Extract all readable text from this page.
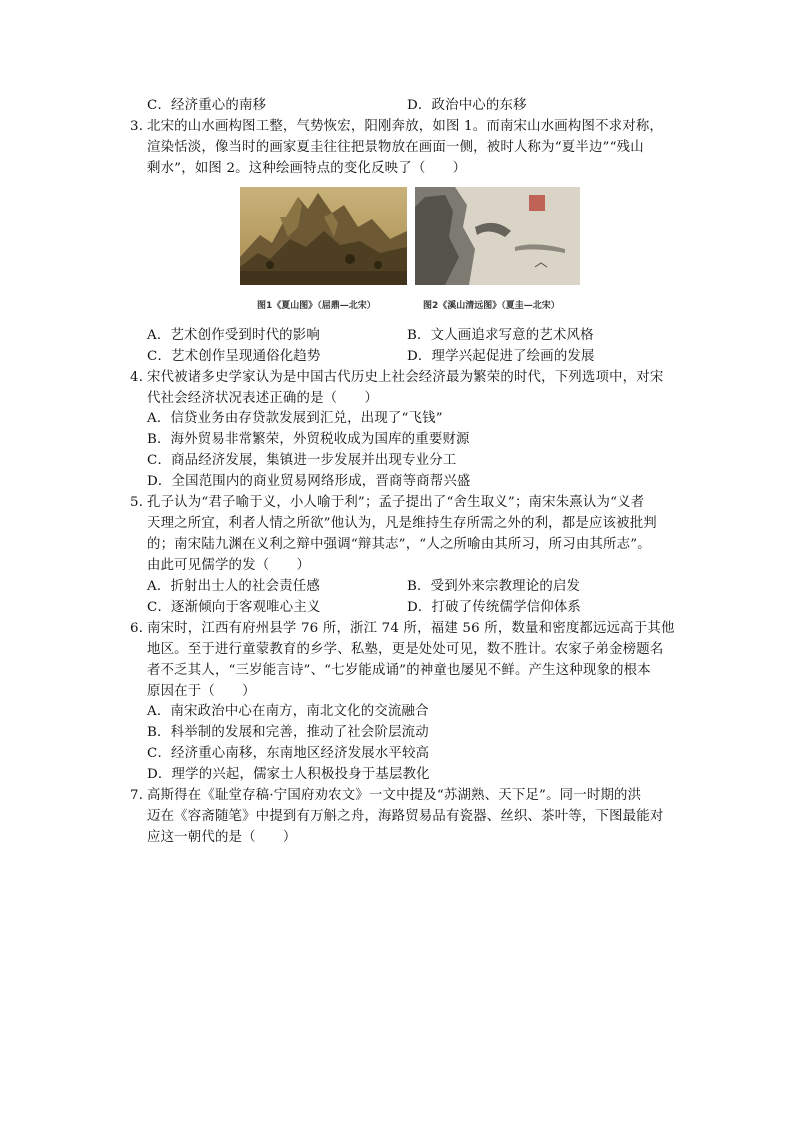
C．经济重心的南移	D．政治中心的东移
3．
北宋的山水画构图工整，气势恢宏，阳刚奔放，如图 1。而南宋山水画构图不求对称，
渲染恬淡，像当时的画家夏圭往往把景物放在画面一侧，被时人称为“夏半边”“残山
剩水”，如图 2。这种绘画特点的变化反映了（　　）
图1《夏山图》（屈鼎—北宋）	图2《溪山清远图》（夏圭—北宋）
A．艺术创作受到时代的影响	B．文人画追求写意的艺术风格
C．艺术创作呈现通俗化趋势	D．理学兴起促进了绘画的发展
4．
宋代被诸多史学家认为是中国古代历史上社会经济最为繁荣的时代，下列选项中，对宋
代社会经济状况表述正确的是（　　）
A．信贷业务由存贷款发展到汇兑，出现了“飞钱”
B．海外贸易非常繁荣，外贸税收成为国库的重要财源
C．商品经济发展，集镇进一步发展并出现专业分工
D．全国范围内的商业贸易网络形成，晋商等商帮兴盛
5．
孔子认为“君子喻于义，小人喻于利”；孟子提出了“舍生取义”；南宋朱熹认为“义者
天理之所宜，利者人情之所欲”他认为，凡是维持生存所需之外的利，都是应该被批判
的；南宋陆九渊在义利之辩中强调“辩其志”，“人之所喻由其所习，所习由其所志”。
由此可见儒学的发（　　）
A．折射出士人的社会责任感	B．受到外来宗教理论的启发
C．逐渐倾向于客观唯心主义	D．打破了传统儒学信仰体系
6．
南宋时，江西有府州县学 76 所，浙江 74 所，福建 56 所，数量和密度都远远高于其他
地区。至于进行童蒙教育的乡学、私塾，更是处处可见，数不胜计。农家子弟金榜题名
者不乏其人，“三岁能言诗”、“七岁能成诵”的神童也屡见不鲜。产生这种现象的根本
原因在于（　　）
A．南宋政治中心在南方，南北文化的交流融合
B．科举制的发展和完善，推动了社会阶层流动
C．经济重心南移，东南地区经济发展水平较高
D．理学的兴起，儒家士人积极投身于基层教化
7．
高斯得在《耻堂存稿·宁国府劝农文》一文中提及“苏湖熟、天下足”。同一时期的洪
迈在《容斋随笔》中提到有万斛之舟，海路贸易品有瓷器、丝织、茶叶等，下图最能对
应这一朝代的是（　　）
